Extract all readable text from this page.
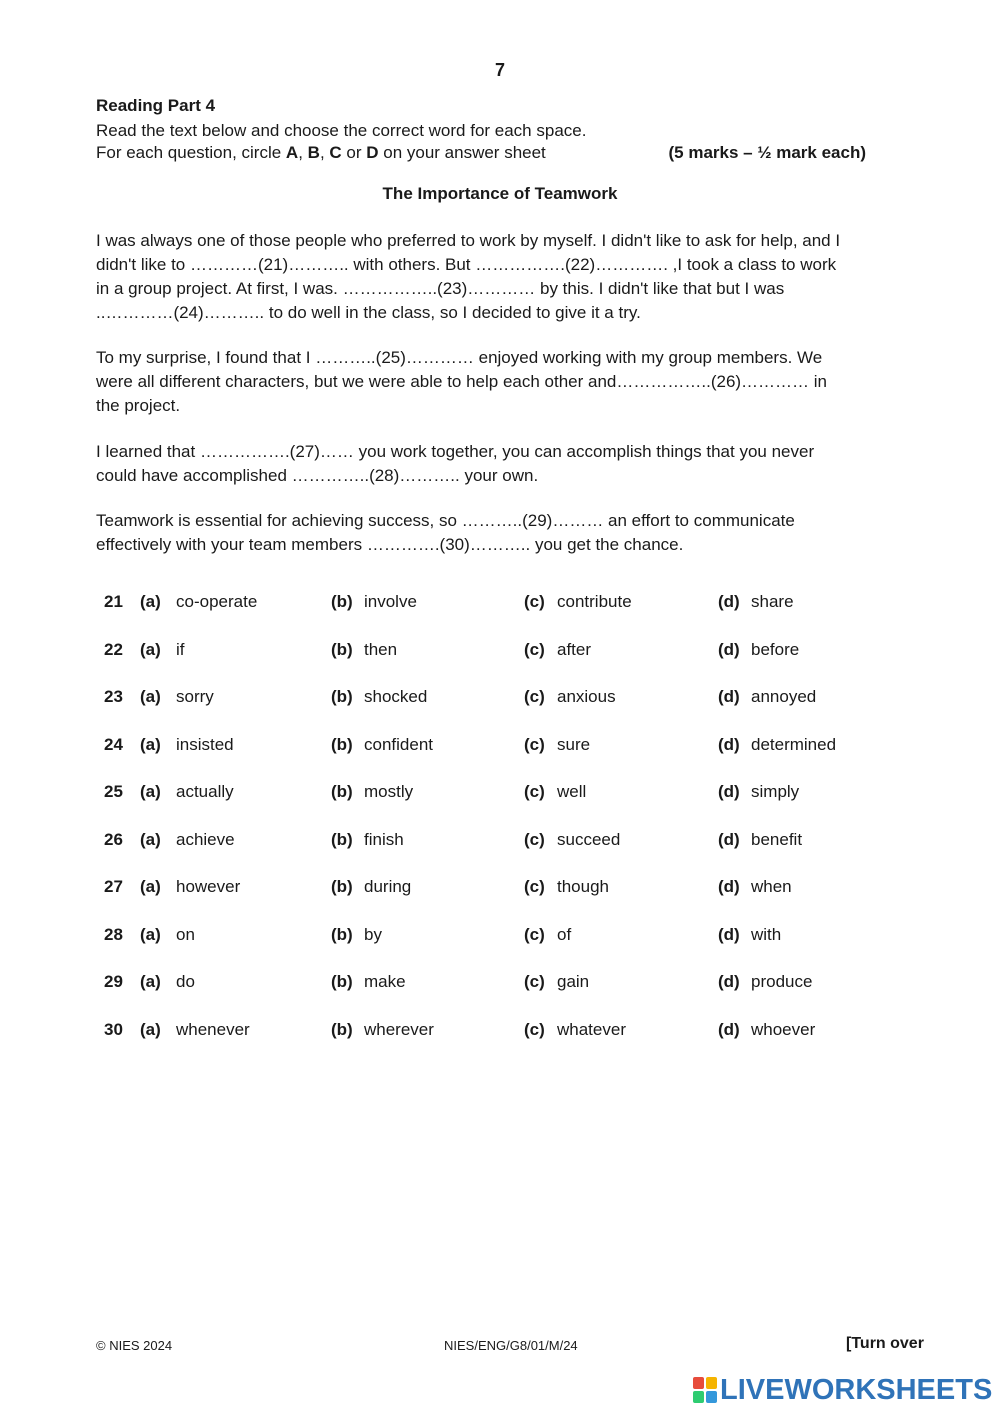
7
Reading Part 4
Read the text below and choose the correct word for each space.
For each question, circle A, B, C or D on your answer sheet	(5 marks – ½ mark each)
The Importance of Teamwork
I was always one of those people who preferred to work by myself. I didn't like to ask for help, and I
didn't like to …………(21)……….. with others. But …………….(22)…………. ,I took a class to work
in a group project. At first, I was. ……………..(23)………… by this. I didn't like that but I was
..…………(24)……….. to do well in the class, so I decided to give it a try.
To my surprise, I found that I ………..(25)………… enjoyed working with my group members. We
were all different characters, but we were able to help each other and……………..(26)………… in
the project.
I learned that …………….(27)…… you work together, you can accomplish things that you never
could have accomplished …………..(28)……….. your own.
Teamwork is essential for achieving success, so ………..(29)……… an effort to communicate
effectively with your team members ………….(30)……….. you get the chance.
21 (a) co-operate	(b) involve	(c) contribute	(d) share
22 (a) if	(b) then	(c) after	(d) before
23 (a) sorry	(b) shocked	(c) anxious	(d) annoyed
24 (a) insisted	(b) confident	(c) sure	(d) determined
25 (a) actually	(b) mostly	(c) well	(d) simply
26 (a) achieve	(b) finish	(c) succeed	(d) benefit
27 (a) however	(b) during	(c) though	(d) when
28 (a) on	(b) by	(c) of	(d) with
29 (a) do	(b) make	(c) gain	(d) produce
30 (a) whenever	(b) wherever	(c) whatever	(d) whoever
© NIES 2024	NIES/ENG/G8/01/M/24	[Turn over
LIVEWORKSHEETS
